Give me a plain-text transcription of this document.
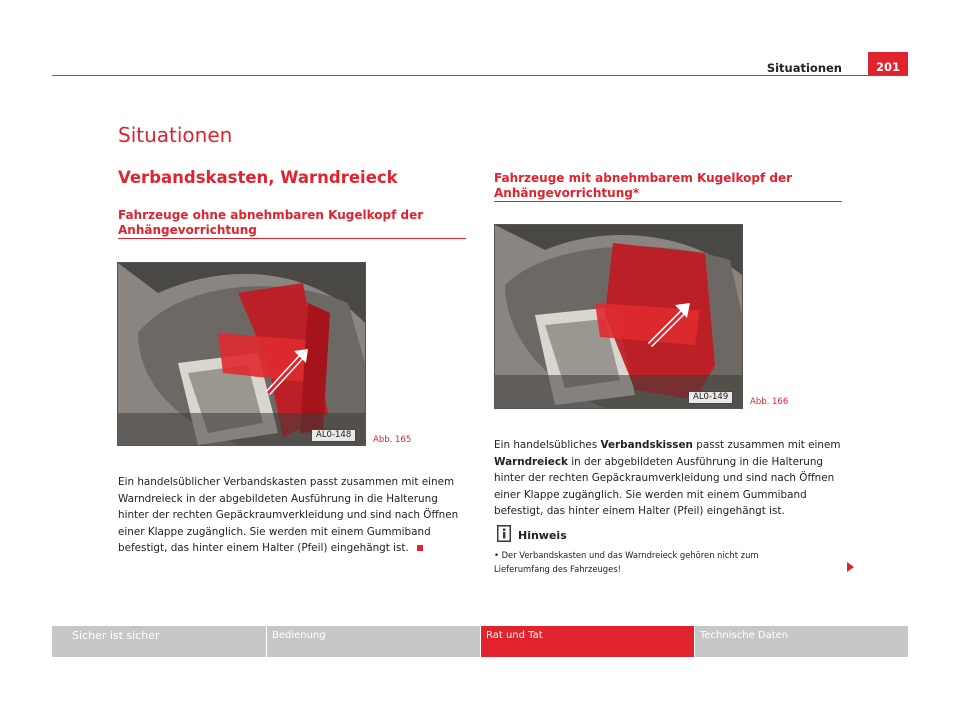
Situationen	201
Situationen
Verbandskasten, Warndreieck
Fahrzeuge ohne abnehmbaren Kugelkopf der
Anhängevorrichtung
AL0-148	Abb. 165
Ein handelsüblicher Verbandskasten passt zusammen mit einem
Warndreieck in der abgebildeten Ausführung in die Halterung
hinter der rechten Gepäckraumverkleidung und sind nach Öffnen
einer Klappe zugänglich. Sie werden mit einem Gummiband
befestigt, das hinter einem Halter (Pfeil) eingehängt ist.
Fahrzeuge mit abnehmbarem Kugelkopf der
Anhängevorrichtung*
AL0-149	Abb. 166
Ein handelsübliches Verbandskissen passt zusammen mit einem
Warndreieck in der abgebildeten Ausführung in die Halterung
hinter der rechten Gepäckraumverkleidung und sind nach Öffnen
einer Klappe zugänglich. Sie werden mit einem Gummiband
befestigt, das hinter einem Halter (Pfeil) eingehängt ist.
Hinweis
• Der Verbandskasten und das Warndreieck gehören nicht zum
Lieferumfang des Fahrzeuges!
Sicher ist sicher	Bedienung	Rat und Tat	Technische Daten
